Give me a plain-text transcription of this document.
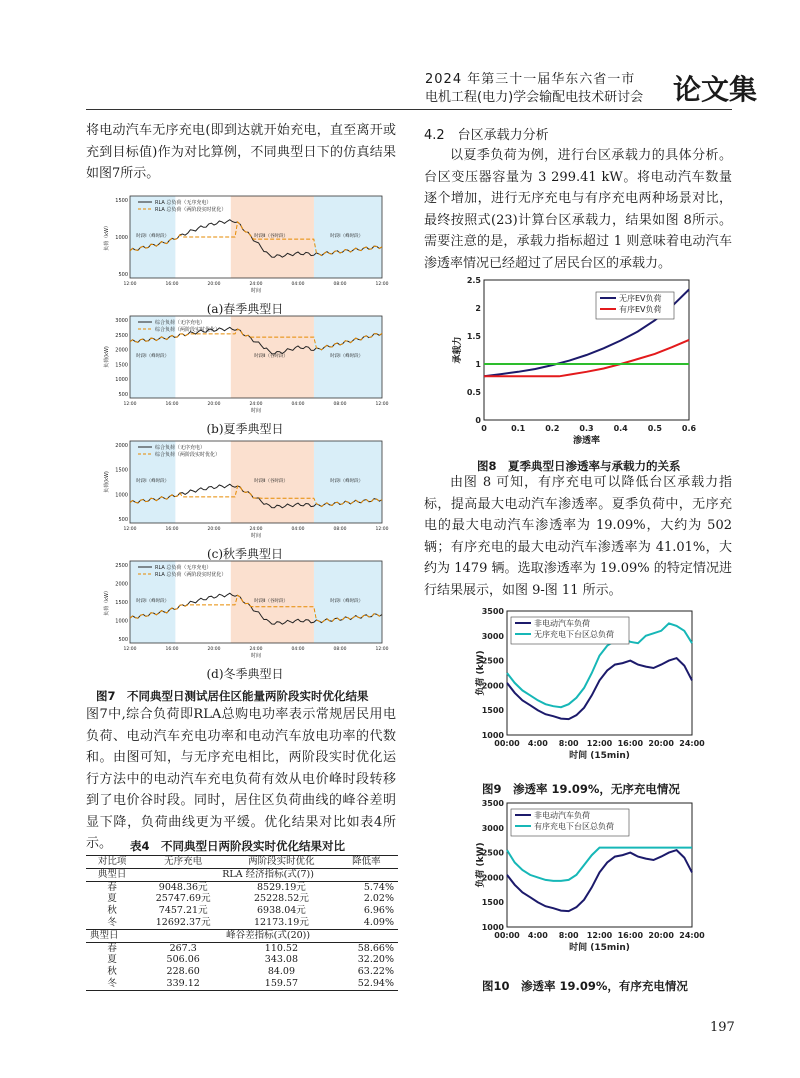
2024 年第三十一届华东六省一市
电机工程(电力)学会输配电技术研讨会 论文集
将电动汽车无序充电(即到达就开始充电，直至离开或充到目标值)作为对比算例，不同典型日下的仿真结果如图7所示。
RLA 总负荷（无序充电）
RLA 总负荷（两阶段实时优化）
时段Ⅰ（峰时段）	时段Ⅱ（谷时段）	时段Ⅰ（峰时段）
1500
1000
500
12:00	16:00	20:00	24:00	04:00	08:00	12:00
时间
负荷（kW）
(a)春季典型日
综合负荷（无序充电）
综合负荷（两阶段实时优化）
时段Ⅰ（峰时段）	时段Ⅱ（谷时段）	时段Ⅰ（峰时段）
3000
2500
2000
1500
1000
500
12:00	16:00	20:00	24:00	04:00	08:00	12:00
时间
负荷(kW)
(b)夏季典型日
综合负荷（无序充电）
综合负荷（两阶段实时优化）
时段Ⅰ（峰时段）	时段Ⅱ（谷时段）	时段Ⅰ（峰时段）
2000
1500
1000
500
12:00	16:00	20:00	24:00	04:00	08:00	12:00
时间
负荷(kW)
(c)秋季典型日
RLA 总负荷（无序充电）
RLA 总负荷（两阶段实时优化）
时段Ⅰ（峰时段）	时段Ⅱ（谷时段）	时段Ⅰ（峰时段）
2500
2000
1500
1000
500
12:00	16:00	20:00	24:00	04:00	08:00	12:00
时间
负荷（kW）
(d)冬季典型日
图7　不同典型日测试居住区能量两阶段实时优化结果
图7中,综合负荷即RLA总购电功率表示常规居民用电负荷、电动汽车充电功率和电动汽车放电功率的代数和。由图可知，与无序充电相比，两阶段实时优化运行方法中的电动汽车充电负荷有效从电价峰时段转移到了电价谷时段。同时，居住区负荷曲线的峰谷差明显下降，负荷曲线更为平缓。优化结果对比如表4所示。	表4　不同典型日两阶段实时优化结果对比
对比项	无序充电	两阶段实时优化	降低率
典型日	RLA 经济指标(式(7))		
春	9048.36元	8529.19元	5.74%
夏	25747.69元	25228.52元	2.02%
秋	7457.21元	6938.04元	6.96%
冬	12692.37元	12173.19元	4.09%
典型日	峰谷差指标(式(20))		
春	267.3	110.52	58.66%
夏	506.06	343.08	32.20%
秋	228.60	84.09	63.22%
冬	339.12	159.57	52.94%
4.2　台区承载力分析
以夏季负荷为例，进行台区承载力的具体分析。台区变压器容量为 3 299.41 kW。将电动汽车数量逐个增加，进行无序充电与有序充电两种场景对比，最终按照式(23)计算台区承载力，结果如图 8所示。需要注意的是，承载力指标超过 1 则意味着电动汽车渗透率情况已经超过了居民台区的承载力。
0
0.5
1
1.5
2
2.5
0	0.1 0.2 0.3 0.4 0.5 0.6
渗透率
承载力
无序EV负荷
有序EV负荷
图8　夏季典型日渗透率与承载力的关系
由图 8 可知，有序充电可以降低台区承载力指标，提高最大电动汽车渗透率。夏季负荷中，无序充电的最大电动汽车渗透率为 19.09%，大约为 502 辆；有序充电的最大电动汽车渗透率为 41.01%，大约为 1479 辆。选取渗透率为 19.09% 的特定情况进行结果展示，如图 9-图 11 所示。
1000
1500
2000
2500
3000
3500
00:00 4:00 8:00 12:00 16:00 20:00 24:00
时间 (15min)
负荷 (kW)
非电动汽车负荷
无序充电下台区总负荷
图9　渗透率 19.09%，无序充电情况
1000
1500
2000
2500
3000
3500
00:00 4:00 8:00 12:00 16:00 20:00 24:00
时间 (15min)
负荷 (kW)
非电动汽车负荷
有序充电下台区总负荷
图10　渗透率 19.09%，有序充电情况
197
